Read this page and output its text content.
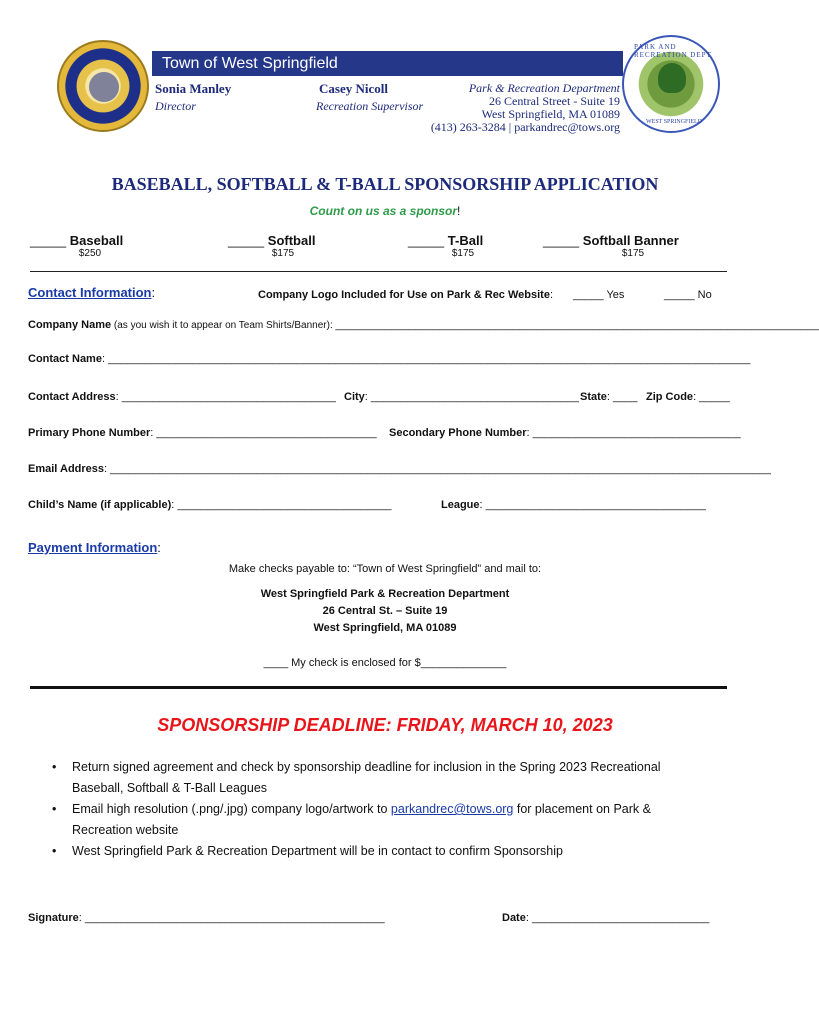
Town of West Springfield
PARK AND RECREATION DEPT
WEST SPRINGFIELD
Sonia Manley
Director
Casey Nicoll
Recreation Supervisor
Park & Recreation Department
26 Central Street - Suite 19
West Springfield, MA 01089
(413) 263-3284 | parkandrec@tows.org
BASEBALL, SOFTBALL & T-BALL SPONSORSHIP APPLICATION
Count on us as a sponsor!
_____ Baseball
$250
_____ Softball
$175
_____ T-Ball
$175
_____ Softball Banner
$175
Contact Information:	Company Logo Included for Use on Park & Rec Website: _____ Yes	_____ No
Company Name (as you wish it to appear on Team Shirts/Banner): _______________________________________________________________________________
Contact Name: _________________________________________________________________________________________________________
Contact Address: ___________________________________ City: __________________________________ State: ____ Zip Code: _____
Primary Phone Number: ____________________________________ Secondary Phone Number: __________________________________
Email Address: ____________________________________________________________________________________________________________
Child’s Name (if applicable): ___________________________________	League: ____________________________________
Payment Information:
Make checks payable to: “Town of West Springfield” and mail to:
West Springfield Park & Recreation Department
26 Central St. – Suite 19
West Springfield, MA 01089
____ My check is enclosed for $______________
SPONSORSHIP DEADLINE: FRIDAY, MARCH 10, 2023
• Return signed agreement and check by sponsorship deadline for inclusion in the Spring 2023 Recreational Baseball, Softball & T-Ball Leagues
• Email high resolution (.png/.jpg) company logo/artwork to parkandrec@tows.org for placement on Park & Recreation website
• West Springfield Park & Recreation Department will be in contact to confirm Sponsorship
Signature: _________________________________________________	Date: _____________________________
